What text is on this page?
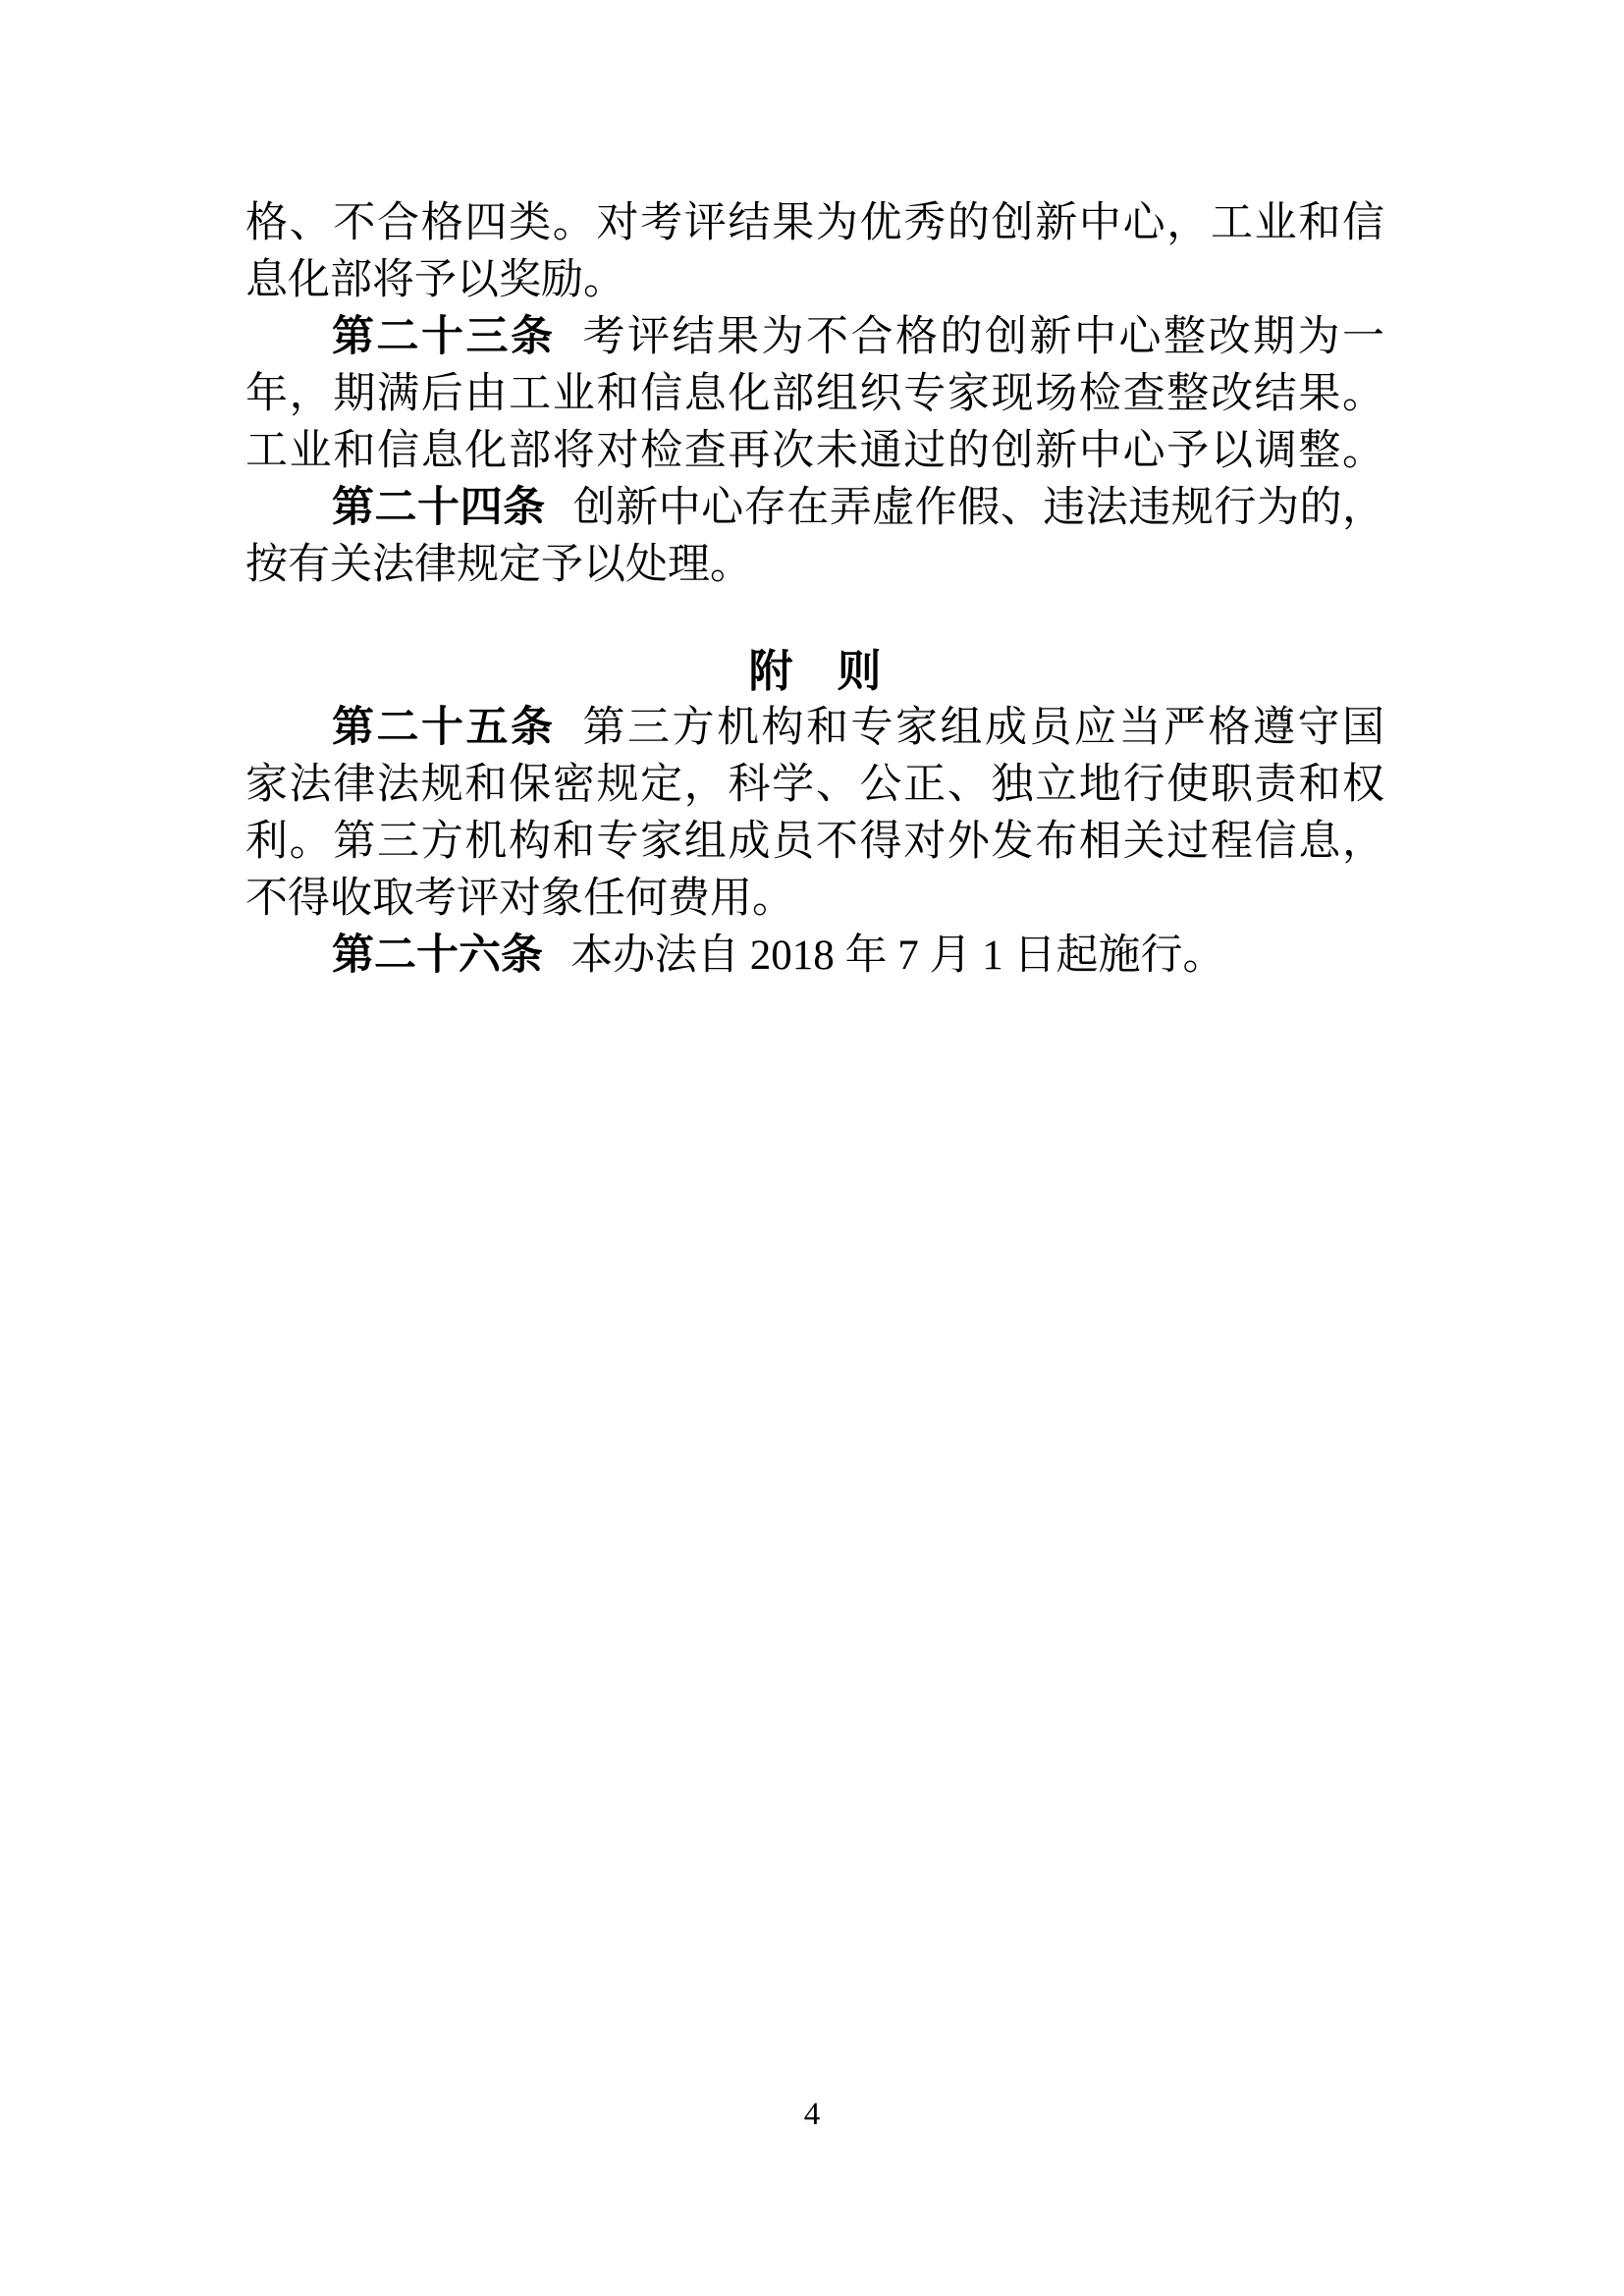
格、不合格四类。对考评结果为优秀的创新中心，工业和信
息化部将予以奖励。
第二十三条 考评结果为不合格的创新中心整改期为一
年，期满后由工业和信息化部组织专家现场检查整改结果。
工业和信息化部将对检查再次未通过的创新中心予以调整。
第二十四条 创新中心存在弄虚作假、违法违规行为的，
按有关法律规定予以处理。
附　则
第二十五条 第三方机构和专家组成员应当严格遵守国
家法律法规和保密规定，科学、公正、独立地行使职责和权
利。第三方机构和专家组成员不得对外发布相关过程信息，
不得收取考评对象任何费用。
第二十六条 本办法自 2018 年 7 月 1 日起施行。
4
